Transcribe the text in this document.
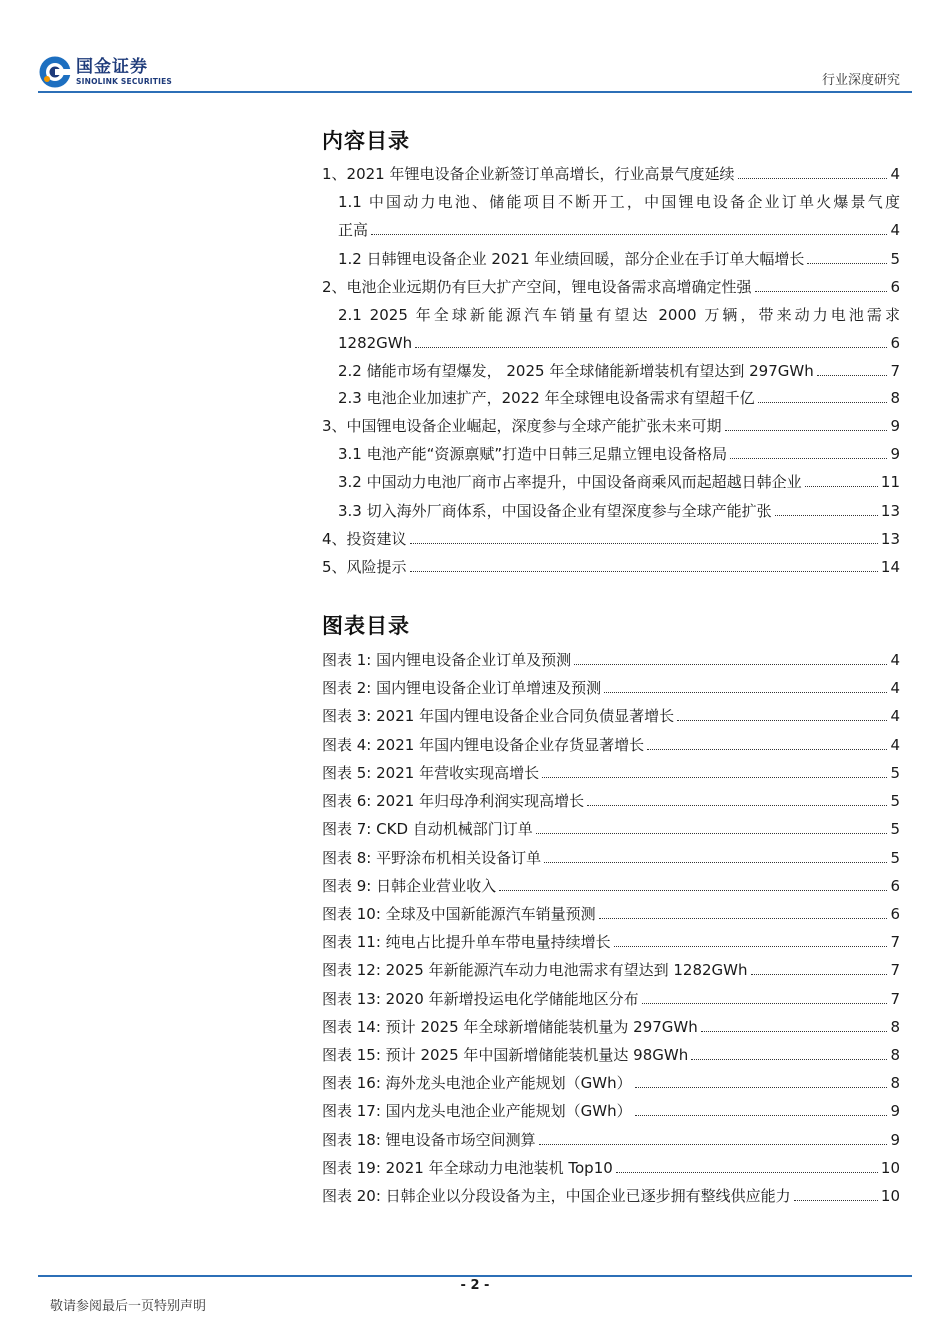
国金证券
SINOLINK SECURITIES	行业深度研究
内容目录
1、2021 年锂电设备企业新签订单高增长，行业高景气度延续	4
1.1 中国动力电池、储能项目不断开工，中国锂电设备企业订单火爆景气度
正高	4
1.2 日韩锂电设备企业 2021 年业绩回暖，部分企业在手订单大幅增长	5
2、电池企业远期仍有巨大扩产空间，锂电设备需求高增确定性强	6
2.1 2025 年全球新能源汽车销量有望达 2000 万辆，带来动力电池需求
1282GWh	6
2.2 储能市场有望爆发， 2025 年全球储能新增装机有望达到 297GWh	7
2.3 电池企业加速扩产，2022 年全球锂电设备需求有望超千亿	8
3、中国锂电设备企业崛起，深度参与全球产能扩张未来可期	9
3.1 电池产能“资源禀赋”打造中日韩三足鼎立锂电设备格局	9
3.2 中国动力电池厂商市占率提升，中国设备商乘风而起超越日韩企业	11
3.3 切入海外厂商体系，中国设备企业有望深度参与全球产能扩张	13
4、投资建议	13
5、风险提示	14
图表目录
图表 1: 国内锂电设备企业订单及预测	4
图表 2: 国内锂电设备企业订单增速及预测	4
图表 3: 2021 年国内锂电设备企业合同负债显著增长	4
图表 4: 2021 年国内锂电设备企业存货显著增长	4
图表 5: 2021 年营收实现高增长	5
图表 6: 2021 年归母净利润实现高增长	5
图表 7: CKD 自动机械部门订单	5
图表 8: 平野涂布机相关设备订单	5
图表 9: 日韩企业营业收入	6
图表 10: 全球及中国新能源汽车销量预测	6
图表 11: 纯电占比提升单车带电量持续增长	7
图表 12: 2025 年新能源汽车动力电池需求有望达到 1282GWh	7
图表 13: 2020 年新增投运电化学储能地区分布	7
图表 14: 预计 2025 年全球新增储能装机量为 297GWh	8
图表 15: 预计 2025 年中国新增储能装机量达 98GWh	8
图表 16: 海外龙头电池企业产能规划（GWh）	8
图表 17: 国内龙头电池企业产能规划（GWh）	9
图表 18: 锂电设备市场空间测算	9
图表 19: 2021 年全球动力电池装机 Top10	10
图表 20: 日韩企业以分段设备为主，中国企业已逐步拥有整线供应能力	10
- 2 -
敬请参阅最后一页特别声明
